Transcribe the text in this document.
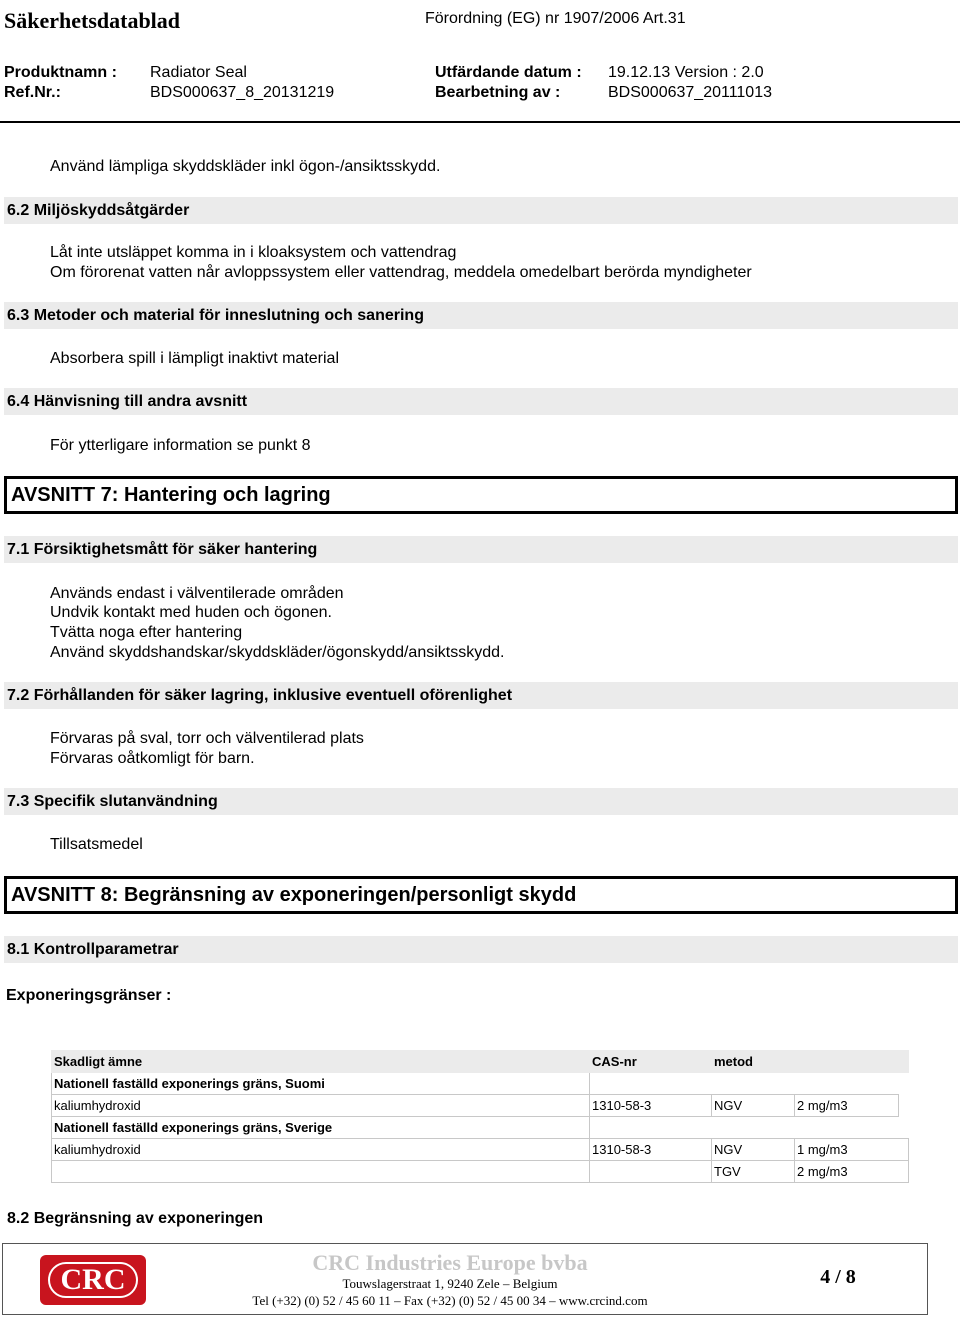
Säkerhetsdatablad	Förordning (EG) nr 1907/2006 Art.31
Produktnamn : Radiator Seal	Utfärdande datum : 19.12.13 Version : 2.0
Ref.Nr.:	BDS000637_8_20131219	Bearbetning av :	BDS000637_20111013
Använd lämpliga skyddskläder inkl ögon-/ansiktsskydd.
6.2 Miljöskyddsåtgärder
Låt inte utsläppet komma in i kloaksystem och vattendrag
Om förorenat vatten når avloppssystem eller vattendrag, meddela omedelbart berörda myndigheter
6.3 Metoder och material för inneslutning och sanering
Absorbera spill i lämpligt inaktivt material
6.4 Hänvisning till andra avsnitt
För ytterligare information se punkt 8
AVSNITT 7: Hantering och lagring
7.1 Försiktighetsmått för säker hantering
Används endast i välventilerade områden
Undvik kontakt med huden och ögonen.
Tvätta noga efter hantering
Använd skyddshandskar/skyddskläder/ögonskydd/ansiktsskydd.
7.2 Förhållanden för säker lagring, inklusive eventuell oförenlighet
Förvaras på sval, torr och välventilerad plats
Förvaras oåtkomligt för barn.
7.3 Specifik slutanvändning
Tillsatsmedel
AVSNITT 8: Begränsning av exponeringen/personligt skydd
8.1 Kontrollparametrar
Exponeringsgränser :
Skadligt ämne	CAS-nr	metod		
Nationell faställd exponerings gräns, Suomi				
kaliumhydroxid	1310-58-3	NGV	2 mg/m3	
Nationell faställd exponerings gräns, Sverige				
kaliumhydroxid	1310-58-3	NGV	1 mg/m3	
		TGV	2 mg/m3	
8.2 Begränsning av exponeringen
CRC
CRC Industries Europe bvba
Touwslagerstraat 1, 9240 Zele – Belgium
Tel (+32) (0) 52 / 45 60 11 – Fax (+32) (0) 52 / 45 00 34 – www.crcind.com
4 / 8
